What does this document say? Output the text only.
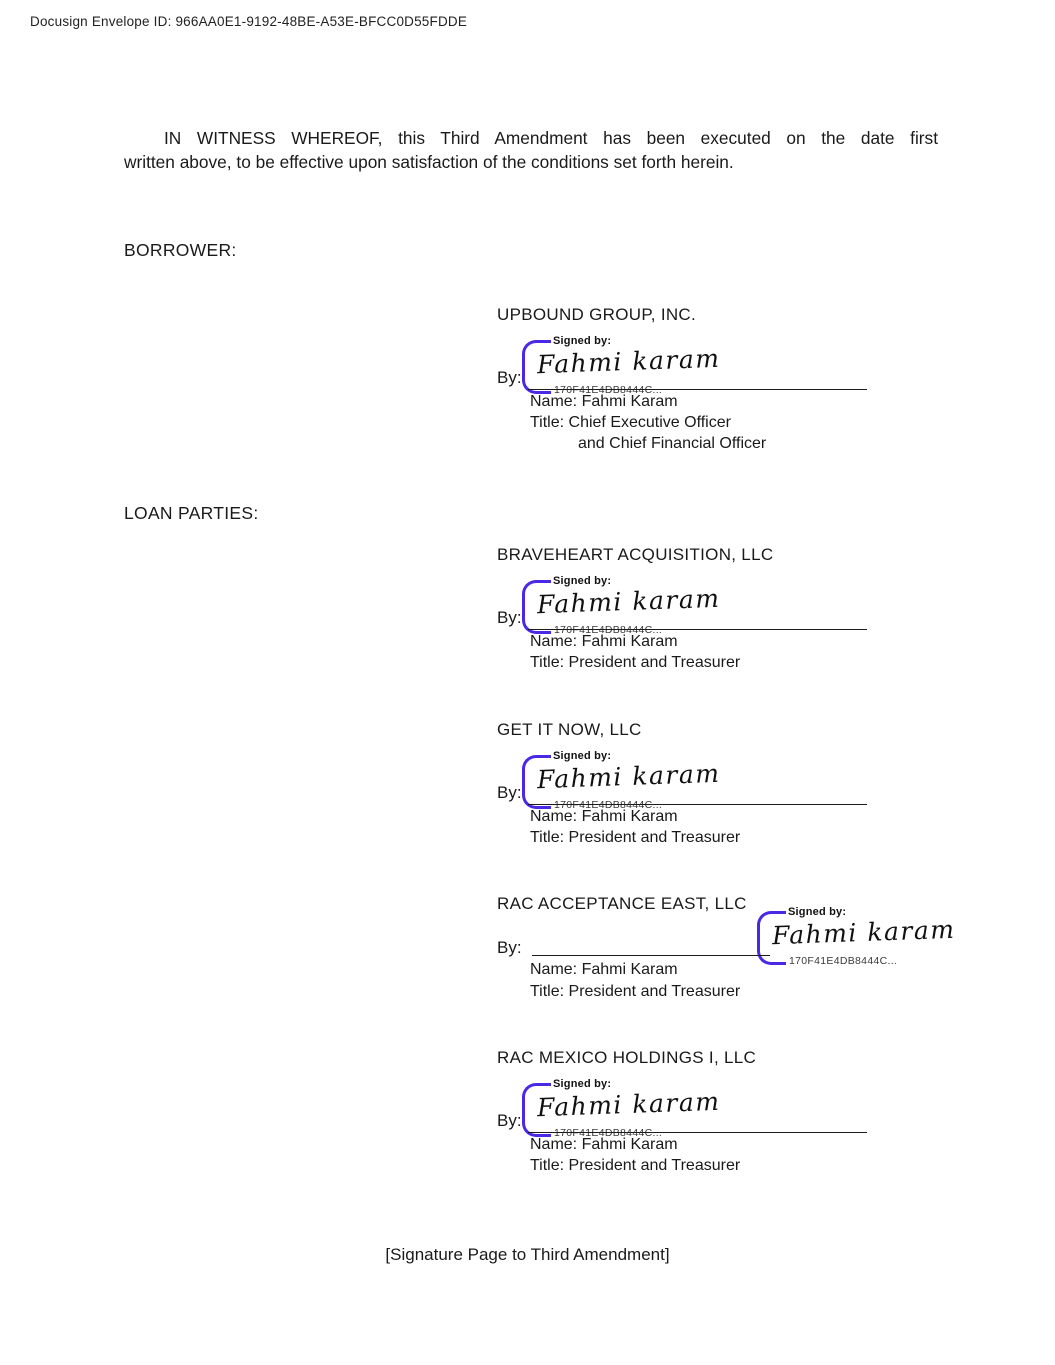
Docusign Envelope ID: 966AA0E1-9192-48BE-A53E-BFCC0D55FDDE
IN WITNESS WHEREOF, this Third Amendment has been executed on the date first
written above, to be effective upon satisfaction of the conditions set forth herein.
BORROWER:
LOAN PARTIES:
UPBOUND GROUP, INC.
Signed by:
Fahmi karam
170F41E4DB8444C...
By:
Name: Fahmi Karam
Title: Chief Executive Officer
and Chief Financial Officer
BRAVEHEART ACQUISITION, LLC
Signed by:
Fahmi karam
170F41E4DB8444C...
By:
Name: Fahmi Karam
Title: President and Treasurer
GET IT NOW, LLC
Signed by:
Fahmi karam
170F41E4DB8444C...
By:
Name: Fahmi Karam
Title: President and Treasurer
RAC ACCEPTANCE EAST, LLC	Signed by:
Fahmi karam
170F41E4DB8444C...
By:
Name: Fahmi Karam
Title: President and Treasurer
RAC MEXICO HOLDINGS I, LLC
Signed by:
Fahmi karam
170F41E4DB8444C...
By:
Name: Fahmi Karam
Title: President and Treasurer
[Signature Page to Third Amendment]
